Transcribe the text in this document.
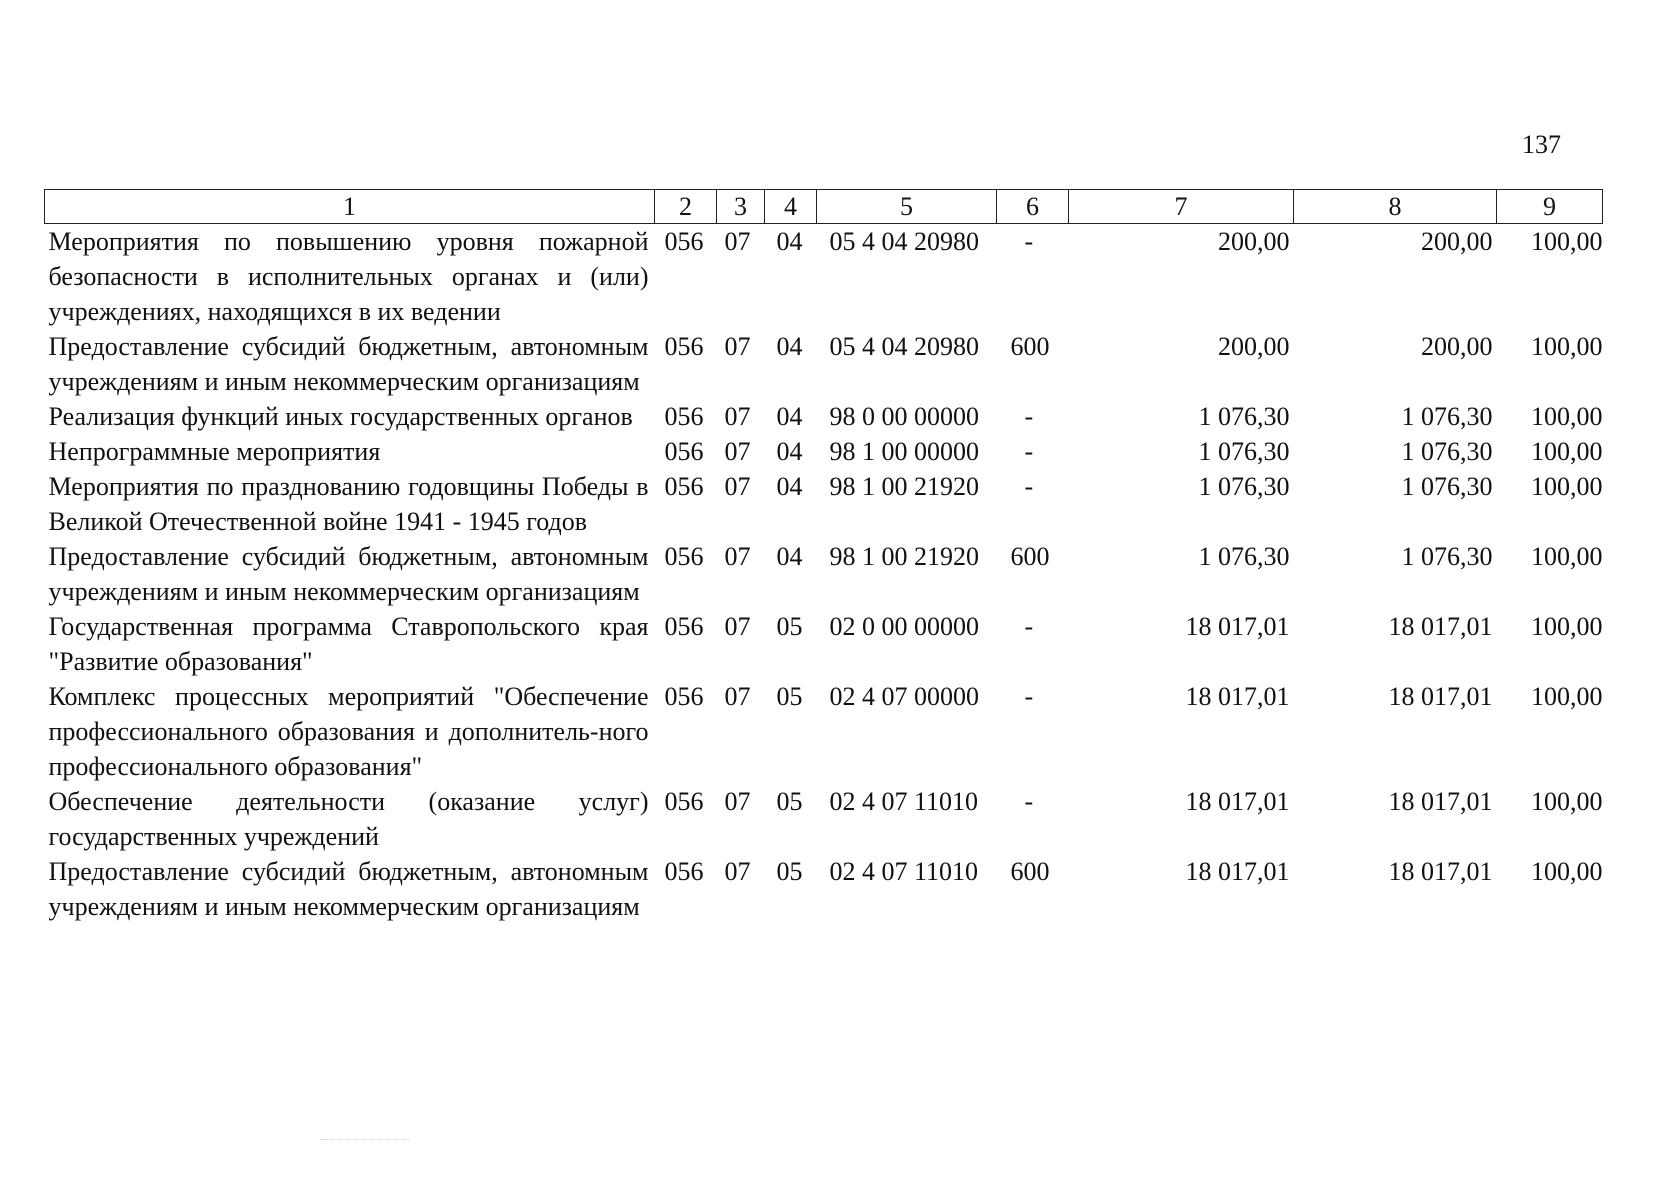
137
1	2	3	4	5	6	7	8	9
Мероприятия по повышению уровня пожарной безопасности в исполнительных органах и (или) учреждениях, находящихся в их ведении	056	07	04	05 4 04 20980	-	200,00	200,00	100,00
Предоставление субсидий бюджетным, автономным учреждениям и иным некоммерческим организациям	056	07	04	05 4 04 20980	600	200,00	200,00	100,00
Реализация функций иных государственных органов	056	07	04	98 0 00 00000	-	1 076,30	1 076,30	100,00
Непрограммные мероприятия	056	07	04	98 1 00 00000	-	1 076,30	1 076,30	100,00
Мероприятия по празднованию годовщины Победы в Великой Отечественной войне 1941 - 1945 годов	056	07	04	98 1 00 21920	-	1 076,30	1 076,30	100,00
Предоставление субсидий бюджетным, автономным учреждениям и иным некоммерческим организациям	056	07	04	98 1 00 21920	600	1 076,30	1 076,30	100,00
Государственная программа Ставропольского края "Развитие образования"	056	07	05	02 0 00 00000	-	18 017,01	18 017,01	100,00
Комплекс процессных мероприятий "Обеспечение профессионального образования и дополнитель-ного профессионального образования"	056	07	05	02 4 07 00000	-	18 017,01	18 017,01	100,00
Обеспечение деятельности (оказание услуг) государственных учреждений	056	07	05	02 4 07 11010	-	18 017,01	18 017,01	100,00
Предоставление субсидий бюджетным, автономным учреждениям и иным некоммерческим организациям	056	07	05	02 4 07 11010	600	18 017,01	18 017,01	100,00
